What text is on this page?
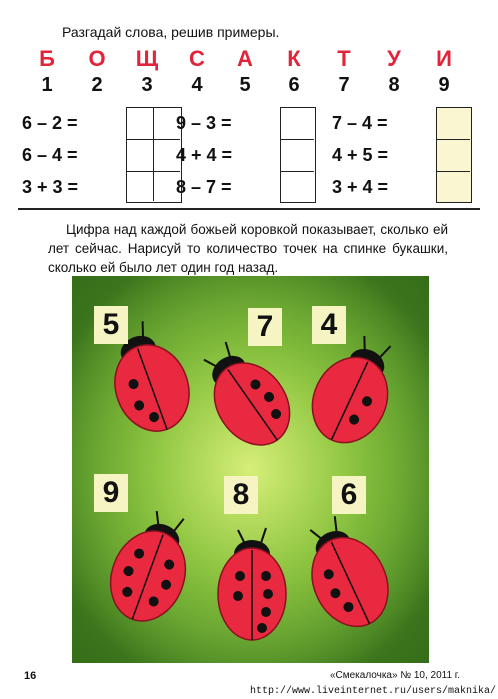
Разгадай слова, решив примеры.
Б	О Щ	С	А	К	Т	У	И
1	2	3	4	5	6	7	8	9
6 – 2 =
6 – 4 =
3 + 3 =
9 – 3 =
4 + 4 =
8 – 7 =
7 – 4 =
4 + 5 =
3 + 4 =
Цифра над каждой божьей коровкой показывает, сколько ей лет сейчас. Нарисуй то количество точек на спинке букашки, сколько ей было лет один год назад.
5	7 4
9	8	6
16	«Смекалочка» № 10, 2011 г.
http://www.liveinternet.ru/users/maknika/
